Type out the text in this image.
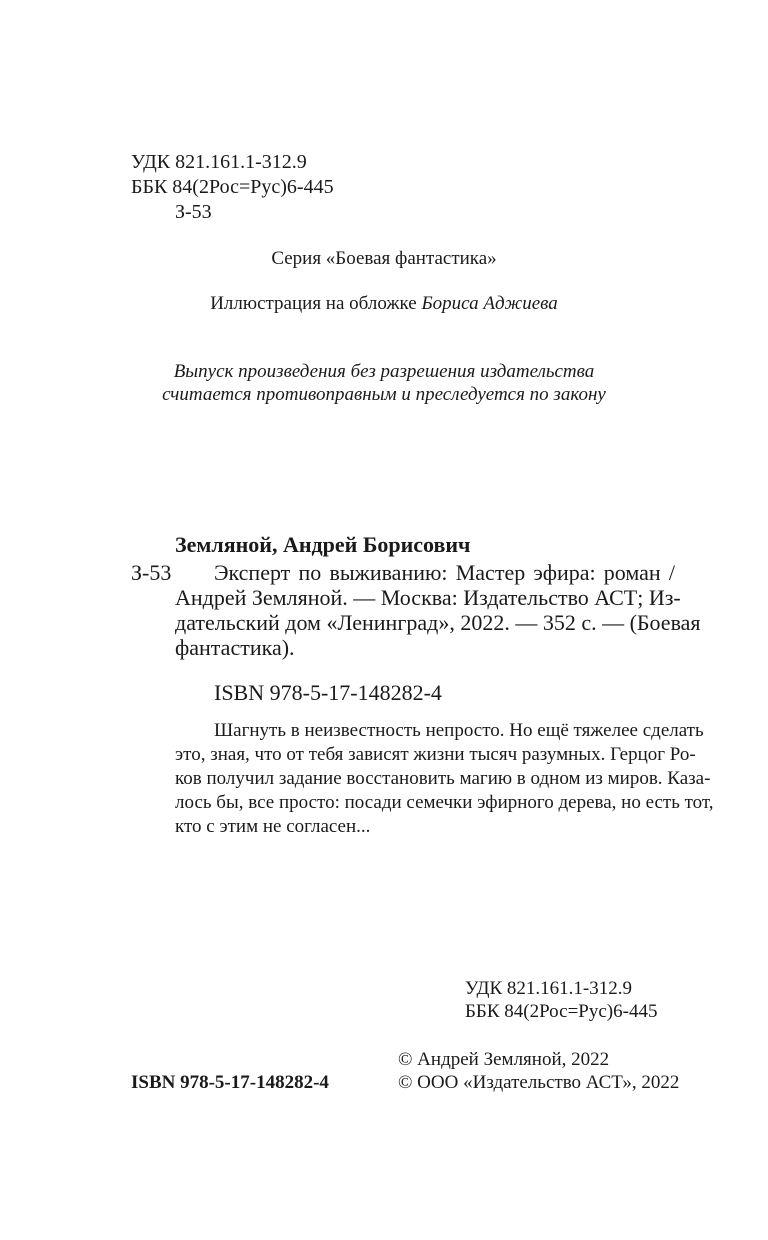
УДК 821.161.1-312.9
ББК 84(2Рос=Рус)6-445
З-53
Серия «Боевая фантастика»
Иллюстрация на обложке Бориса Аджиева
Выпуск произведения без разрешения издательства
считается противоправным и преследуется по закону
Земляной, Андрей Борисович
З-53 Эксперт по выживанию: Мастер эфира: роман /
Андрей Земляной. — Москва: Издательство АСТ; Из-
дательский дом «Ленинград», 2022. — 352 с. — (Боевая
фантастика).
ISBN 978-5-17-148282-4
Шагнуть в неизвестность непросто. Но ещё тяжелее сделать
это, зная, что от тебя зависят жизни тысяч разумных. Герцог Ро-
ков получил задание восстановить магию в одном из миров. Каза-
лось бы, все просто: посади семечки эфирного дерева, но есть тот,
кто с этим не согласен...
УДК 821.161.1-312.9
ББК 84(2Рос=Рус)6-445
© Андрей Земляной, 2022
© ООО «Издательство АСТ», 2022
ISBN 978-5-17-148282-4
